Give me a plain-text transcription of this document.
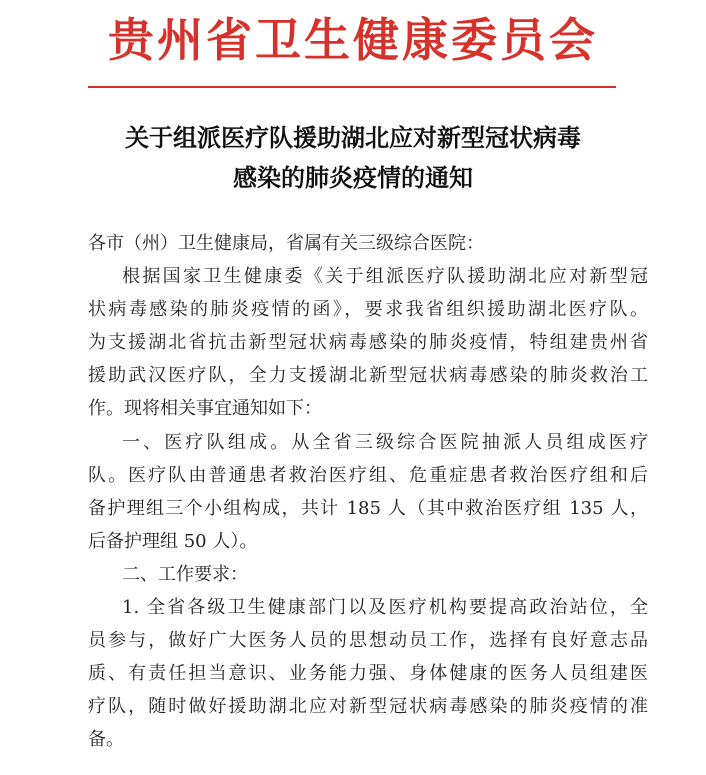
贵州省卫生健康委员会
关于组派医疗队援助湖北应对新型冠状病毒
感染的肺炎疫情的通知
各市（州）卫生健康局，省属有关三级综合医院：
根据国家卫生健康委《关于组派医疗队援助湖北应对新型冠
状病毒感染的肺炎疫情的函》，要求我省组织援助湖北医疗队。
为支援湖北省抗击新型冠状病毒感染的肺炎疫情，特组建贵州省
援助武汉医疗队，全力支援湖北新型冠状病毒感染的肺炎救治工
作。现将相关事宜通知如下：
一、医疗队组成。从全省三级综合医院抽派人员组成医疗
队。医疗队由普通患者救治医疗组、危重症患者救治医疗组和后
备护理组三个小组构成，共计 185 人（其中救治医疗组 135 人，
后备护理组 50 人）。
二、工作要求：
1. 全省各级卫生健康部门以及医疗机构要提高政治站位，全
员参与，做好广大医务人员的思想动员工作，选择有良好意志品
质、有责任担当意识、业务能力强、身体健康的医务人员组建医
疗队，随时做好援助湖北应对新型冠状病毒感染的肺炎疫情的准
备。
